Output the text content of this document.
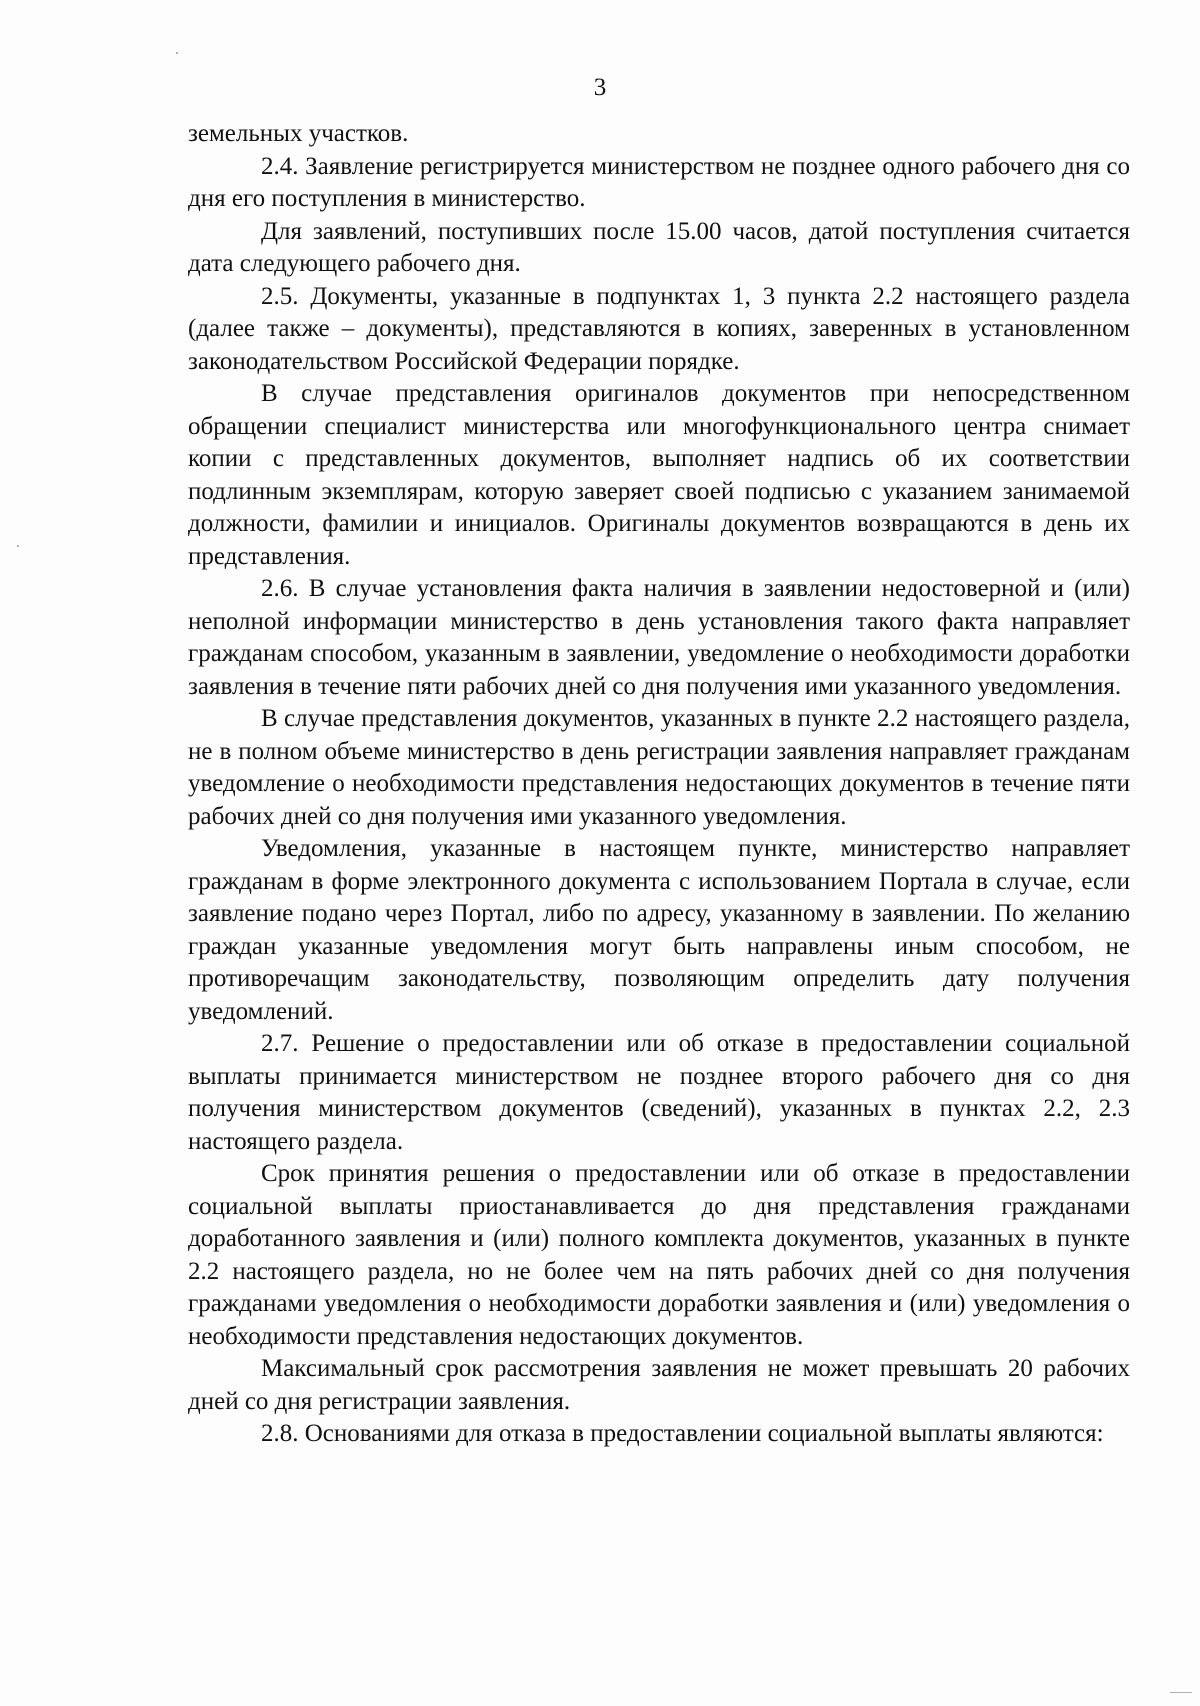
3

земельных участков.

2.4. Заявление регистрируется министерством не позднее одного рабочего дня со дня его поступления в министерство.

Для заявлений, поступивших после 15.00 часов, датой поступления считается дата следующего рабочего дня.

2.5. Документы, указанные в подпунктах 1, 3 пункта 2.2 настоящего раздела (далее также – документы), представляются в копиях, заверенных в установленном законодательством Российской Федерации порядке.

В случае представления оригиналов документов при непосредственном обращении специалист министерства или многофункционального центра снимает копии с представленных документов, выполняет надпись об их соответствии подлинным экземплярам, которую заверяет своей подписью с указанием занимаемой должности, фамилии и инициалов. Оригиналы документов возвращаются в день их представления.

2.6. В случае установления факта наличия в заявлении недостоверной и (или) неполной информации министерство в день установления такого факта направляет гражданам способом, указанным в заявлении, уведомление о необходимости доработки заявления в течение пяти рабочих дней со дня получения ими указанного уведомления.

В случае представления документов, указанных в пункте 2.2 настоящего раздела, не в полном объеме министерство в день регистрации заявления направляет гражданам уведомление о необходимости представления недостающих документов в течение пяти рабочих дней со дня получения ими указанного уведомления.

Уведомления, указанные в настоящем пункте, министерство направляет гражданам в форме электронного документа с использованием Портала в случае, если заявление подано через Портал, либо по адресу, указанному в заявлении. По желанию граждан указанные уведомления могут быть направлены иным способом, не противоречащим законодательству, позволяющим определить дату получения уведомлений.

2.7. Решение о предоставлении или об отказе в предоставлении социальной выплаты принимается министерством не позднее второго рабочего дня со дня получения министерством документов (сведений), указанных в пунктах 2.2, 2.3 настоящего раздела.

Срок принятия решения о предоставлении или об отказе в предоставлении социальной выплаты приостанавливается до дня представления гражданами доработанного заявления и (или) полного комплекта документов, указанных в пункте 2.2 настоящего раздела, но не более чем на пять рабочих дней со дня получения гражданами уведомления о необходимости доработки заявления и (или) уведомления о необходимости представления недостающих документов.

Максимальный срок рассмотрения заявления не может превышать 20 рабочих дней со дня регистрации заявления.

2.8. Основаниями для отказа в предоставлении социальной выплаты являются:
